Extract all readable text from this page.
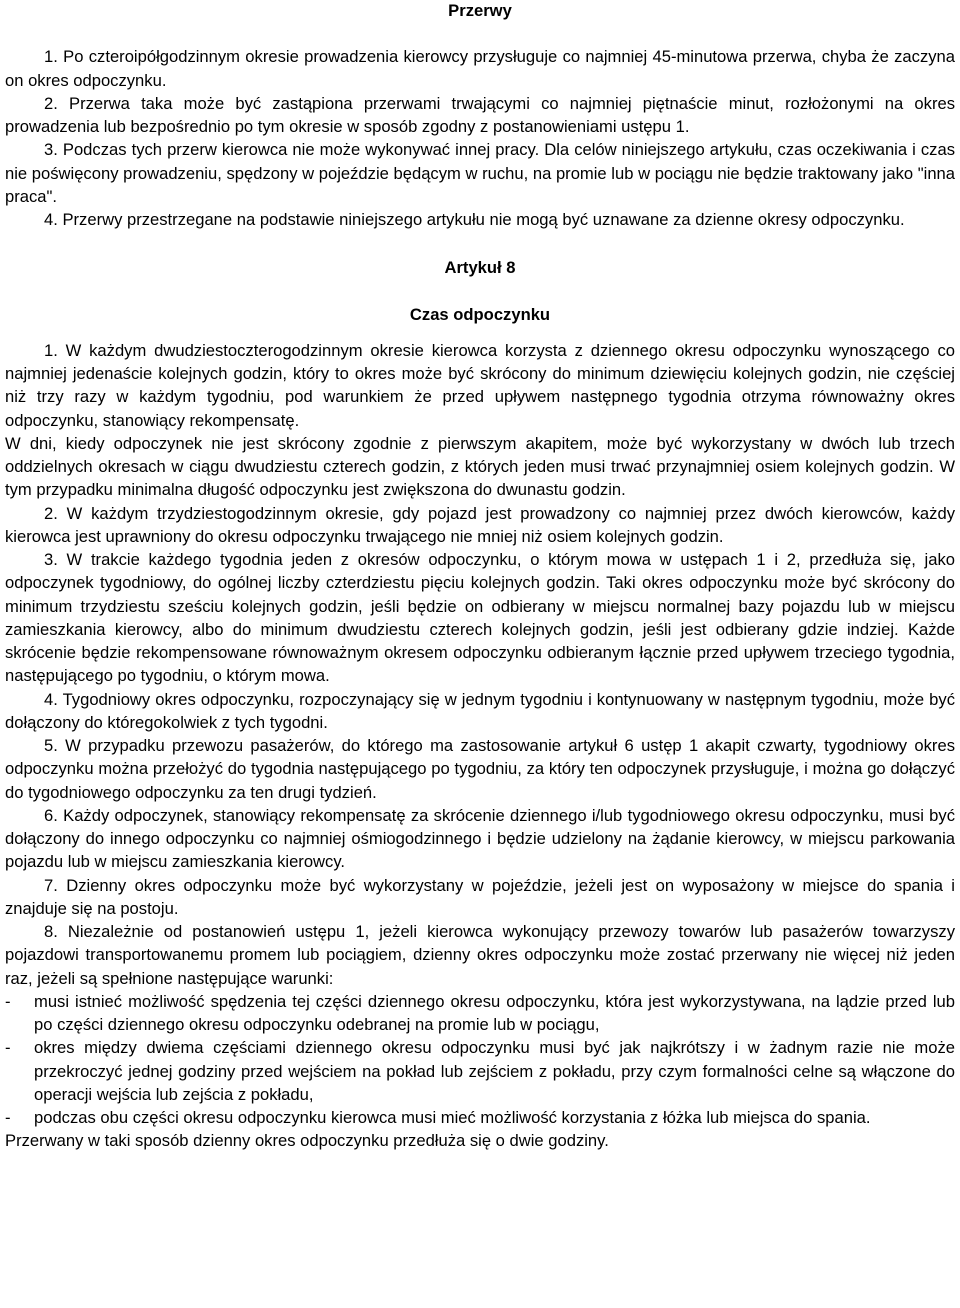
Przerwy

1. Po czteroipółgodzinnym okresie prowadzenia kierowcy przysługuje co najmniej 45-minutowa przerwa, chyba że zaczyna on okres odpoczynku.

2. Przerwa taka może być zastąpiona przerwami trwającymi co najmniej piętnaście minut, rozłożonymi na okres prowadzenia lub bezpośrednio po tym okresie w sposób zgodny z postanowieniami ustępu 1.

3. Podczas tych przerw kierowca nie może wykonywać innej pracy. Dla celów niniejszego artykułu, czas oczekiwania i czas nie poświęcony prowadzeniu, spędzony w pojeździe będącym w ruchu, na promie lub w pociągu nie będzie traktowany jako "inna praca".

4. Przerwy przestrzegane na podstawie niniejszego artykułu nie mogą być uznawane za dzienne okresy odpoczynku.

Artykuł 8

Czas odpoczynku

1. W każdym dwudziestoczterogodzinnym okresie kierowca korzysta z dziennego okresu odpoczynku wynoszącego co najmniej jedenaście kolejnych godzin, który to okres może być skrócony do minimum dziewięciu kolejnych godzin, nie częściej niż trzy razy w każdym tygodniu, pod warunkiem że przed upływem następnego tygodnia otrzyma równoważny okres odpoczynku, stanowiący rekompensatę.

W dni, kiedy odpoczynek nie jest skrócony zgodnie z pierwszym akapitem, może być wykorzystany w dwóch lub trzech oddzielnych okresach w ciągu dwudziestu czterech godzin, z których jeden musi trwać przynajmniej osiem kolejnych godzin. W tym przypadku minimalna długość odpoczynku jest zwiększona do dwunastu godzin.

2. W każdym trzydziestogodzinnym okresie, gdy pojazd jest prowadzony co najmniej przez dwóch kierowców, każdy kierowca jest uprawniony do okresu odpoczynku trwającego nie mniej niż osiem kolejnych godzin.

3. W trakcie każdego tygodnia jeden z okresów odpoczynku, o którym mowa w ustępach 1 i 2, przedłuża się, jako odpoczynek tygodniowy, do ogólnej liczby czterdziestu pięciu kolejnych godzin. Taki okres odpoczynku może być skrócony do minimum trzydziestu sześciu kolejnych godzin, jeśli będzie on odbierany w miejscu normalnej bazy pojazdu lub w miejscu zamieszkania kierowcy, albo do minimum dwudziestu czterech kolejnych godzin, jeśli jest odbierany gdzie indziej. Każde skrócenie będzie rekompensowane równoważnym okresem odpoczynku odbieranym łącznie przed upływem trzeciego tygodnia, następującego po tygodniu, o którym mowa.

4. Tygodniowy okres odpoczynku, rozpoczynający się w jednym tygodniu i kontynuowany w następnym tygodniu, może być dołączony do któregokolwiek z tych tygodni.

5. W przypadku przewozu pasażerów, do którego ma zastosowanie artykuł 6 ustęp 1 akapit czwarty, tygodniowy okres odpoczynku można przełożyć do tygodnia następującego po tygodniu, za który ten odpoczynek przysługuje, i można go dołączyć do tygodniowego odpoczynku za ten drugi tydzień.

6. Każdy odpoczynek, stanowiący rekompensatę za skrócenie dziennego i/lub tygodniowego okresu odpoczynku, musi być dołączony do innego odpoczynku co najmniej ośmiogodzinnego i będzie udzielony na żądanie kierowcy, w miejscu parkowania pojazdu lub w miejscu zamieszkania kierowcy.

7. Dzienny okres odpoczynku może być wykorzystany w pojeździe, jeżeli jest on wyposażony w miejsce do spania i znajduje się na postoju.

8. Niezależnie od postanowień ustępu 1, jeżeli kierowca wykonujący przewozy towarów lub pasażerów towarzyszy pojazdowi transportowanemu promem lub pociągiem, dzienny okres odpoczynku może zostać przerwany nie więcej niż jeden raz, jeżeli są spełnione następujące warunki:

- musi istnieć możliwość spędzenia tej części dziennego okresu odpoczynku, która jest wykorzystywana, na lądzie przed lub po części dziennego okresu odpoczynku odebranej na promie lub w pociągu,

- okres między dwiema częściami dziennego okresu odpoczynku musi być jak najkrótszy i w żadnym razie nie może przekroczyć jednej godziny przed wejściem na pokład lub zejściem z pokładu, przy czym formalności celne są włączone do operacji wejścia lub zejścia z pokładu,

- podczas obu części okresu odpoczynku kierowca musi mieć możliwość korzystania z łóżka lub miejsca do spania.

Przerwany w taki sposób dzienny okres odpoczynku przedłuża się o dwie godziny.
